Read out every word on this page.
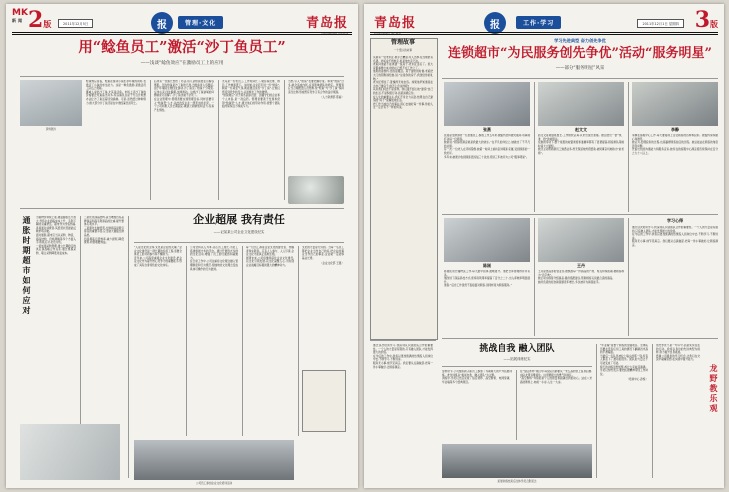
MK
新闻 2版	2011年12月5日	报	管理·文化	青岛报
QINGDAO NEWS
用“鲶鱼员工”激活“沙丁鱼员工”
——浅谈“鲶鱼效应”在激励员工上的应用
资料图片
鲶鱼效应是指，鲶鱼在搅动小鱼生存环境的同时,也激活了小鱼的求生能力。这是一种负激励,是激活员工队伍之奥秘。
挪威人爱吃沙丁鱼,尤其是活鱼。市场上活沙丁鱼的价格要比死鱼高出许多,所以渔民总是千方百计地想办法让沙丁鱼活着回到渔港。可是,虽然经过种种努力,绝大部分沙丁鱼还是在中途因窒息而死亡。
后来有一位船长想出了办法,将几条鲶鱼放在运输容器里。因为鲶鱼是沙丁鱼的天敌,当鲶鱼进入容器后,由于环境陌生便四处游动,沙丁鱼见了鲶鱼十分紧张,左冲右突,四处躲避,加速游动。这样沙丁鱼缺氧的问题就迎刃而解了,沙丁鱼也就不会死了。
在企业管理中,管理者要实现管理目标,同样需要引入“鲶鱼型”人才,以此改变企业一潭死水的状况。一个公司如果人员长期固定,就缺乏新鲜感和活力,容易产生惰性。
尤其是一些老员工,工作时间长了,就容易厌倦、倦怠,工作效率低下。这时候,企业若引进一些“鲶鱼”,制造一些紧张气氛,就能激活这些“沙丁鱼”,让他们感受到竞争的压力,从而焕发工作的激情。
“鲶鱼效应”对于那些固步自封、因循守旧的企业和个人来说,是一剂良药。管理者要善于发现和使用“鲶鱼型”人才,通过他们的带动作用,使整个团队始终保持活力和战斗力。
当然,引入“鲶鱼”也要把握好度。如果“鲶鱼”过多,就会造成内耗,反而影响团队的稳定。管理者应当合理配置人员结构,使“鲶鱼”与“沙丁鱼”保持适当比例,形成既有竞争又有合作的良好氛围。
（人力资源部 陈丽）
通胀时期超市如何应对	当前物价持续上涨,通货膨胀压力加大,零售企业面临成本上升、毛利下降的双重挤压。超市作为零售终端,直接面对消费者,其经营状况最能反映市场冷暖。
面对通胀,超市应当从采购、物流、商品结构、价格策略等多个方面入手,积极应对,化危为机。
一是加强采购管理,建立长期稳定的供应商战略合作关系,通过规模采购、联合采购降低进货成本。
二是优化商品结构,适当增加自有品牌商品和高毛利商品的比重,提升整体毛利水平。
三是强化生鲜经营,生鲜商品是吸引客流的重要手段,应当做大做强生鲜品类。
四是提高运营效率,减少损耗,降低费用,向管理要效益。
企业超展 我有责任
——记某某公司企业文化建设纪实
“人是文化的主体,文化是企业的灵魂。”企业文化建设是一项长期的系统工程,需要全体员工的共同参与和不懈努力。
近年来,公司高度重视企业文化建设,把企业文化作为提升核心竞争力的重要抓手,形成了具有自身特色的文化体系。
公司坚持以人为本,关心员工成长,为员工搭建施展才华的平台。通过开展形式多样的文化活动,增强了员工的归属感和凝聚力。
在日常工作中,公司注重将文化理念融入管理制度和行为规范,使抽象的文化理念变成具体可操作的行为准则。
每一位员工都是企业文化的建设者、传播者和实践者。只有人人参与、人人尽责,企业文化才能真正落地生根。
展望未来,公司将继续深化企业文化建设,以文化引领发展,以文化凝聚人心,为实现企业战略目标提供强大的精神动力。
文化的力量是无穷的。当每一名员工都把企业当作自己的家,把企业的事业当作自己的事业,企业就一定能够基业长青。
（企业文化部 王强）
公司员工参加企业文化培训活动
青岛报
QINGDAO NEWS
报	工作·学习	2011年12月1日 星期四 3版
管理故事
一个馒头的故事
从前有一位老木匠,他手艺精湛,为人忠厚,在当地很有名望。老板舍不得他走,但是他去意已决。
老板问他能不能再建一座房子,老木匠答应了。但大家都看得出来,他的心已经不在工作上了。
他用的是软料,出的是粗活。房子建好的时候,老板把大门的钥匙递给他,说:“这是你的房子,我送给你的礼物。”
老木匠愣住了,羞愧得无地自容。如果他早知道是在为自己建房子,他怎么会这样呢?
其实我们何尝不是这样。我们漫不经心地“建造”自己的生活,不是积极行动,而是消极应付。
在人生的重要关头,我们不肯全力以赴,结果在自己建造的“房子”里尴尬地生活。
把工作当成自己的事业,用心去做好每一件事,你的人生一定会有不一样的风景。
学习先进典型 奋力创先争优
连锁超市“为民服务创先争优”活动“服务明星”
——部分“服务明星”风采
张燕
张燕是生鲜部的一名普通员工,参加工作五年来,她始终坚持微笑服务,用真诚打动每一位顾客。
她常说:“顾客的满意就是我最大的快乐。”在平凡的岗位上,她做出了不平凡的业绩。
有一次,一位老人在卖场晕倒,她第一时间上前扶起并联系家属,受到顾客的一致好评。
多年来,她累计收到顾客表扬信三十余封,连续三年被评为公司“服务明星”。
赵文文
赵文文是收银班组长,工作细致认真,从未出现过差错。她总结出一套“快、准、稳”的收银法。
在她的带动下,整个班组的收银速度和准确率都有了显著提高,顾客排队等候时间大大缩短。
她还主动帮助新员工熟悉业务,毫无保留地传授经验,被同事亲切地称为“赵老师”。
李静
李静在客服中心工作,每天要接待上百位顾客的咨询和投诉。她始终保持耐心和微笑。
她认为,处理投诉的过程,也是赢得顾客信任的过程。她总能站在顾客的角度思考问题。
凭借出色的沟通能力和服务意识,她所在的客服中心满意度连续保持在百分之九十八以上。
陈刚
陈刚负责仓储物流工作,每天最早到岗,最晚离开。他把仓库管理得井井有条。
他改进了商品码放方式,使库房利用率提高了百分之二十,出入库效率明显提升。
他说:“后台工作虽然不直接面对顾客,但同样是为顾客服务。”
王丹
王丹是食品部的营业员,她熟悉每一件商品的产地、特点和保质期,被顾客称为“活字典”。
她主动为顾客介绍商品,提供搭配建议,帮助顾客买到最合适的商品。
她所负责的柜台销售额连年增长,多次被评为销售能手。
学习心得
通过这次培训学习,我深刻认识到团队合作的重要性。一个人的力量是有限的,只有融入团队,才能发挥最大的价值。
在今后的工作中,我将以更加饱满的热情投入到岗位中去,不断学习,不断进步。
服务无小事,细节见真章。我们要从点滴做起,把每一件小事做好,让顾客满意。
挑战自我 融入团队
——拓展训练纪实
金秋时节,公司组织新入职员工参加了为期两天的户外拓展训练。此次训练以“挑战自我、融入团队”为主题。
训练中,学员们先后完成了信任背摔、高空断桥、电网穿越、毕业墙等多个经典项目。
在“信任背摔”项目中,每位队员都要从一米五高的台上直身后倒,由队友用双臂接住。这需要极大的勇气和信任。
“高空断桥”考验的是个人的胆量和超越自我的决心。站在八米高的断桥上,向前一小步,人生一大步。
拓展训练结束后全体学员合影留念
“毕业墙”是整个训练的压轴项目。全体队员要在没有任何工具的情况下翻越四米高的平滑墙面。
当最后一名队员被拉上墙头的那一刻,所有人都流下了激动的泪水。团队的力量让不可能变成了可能。
两天的训练虽然短暂,却让大家收获满满。学员们纷纷表示,要把拓展精神带回工作岗位。
（培训中心 孙悦）
创先争优不是一句口号,而是实实在在的行动。我将以身边的先进典型为榜样,努力提升自身素质。
感谢公司提供的学习机会,让我们在交流中碰撞思想,在实践中提升能力。
龙野教乐观
通过这次培训学习,我深刻认识到团队合作的重要性。一个人的力量是有限的,只有融入团队,才能发挥最大的价值。
在今后的工作中,我将以更加饱满的热情投入到岗位中去,不断学习,不断进步。
服务无小事,细节见真章。我们要从点滴做起,把每一件小事做好,让顾客满意。
